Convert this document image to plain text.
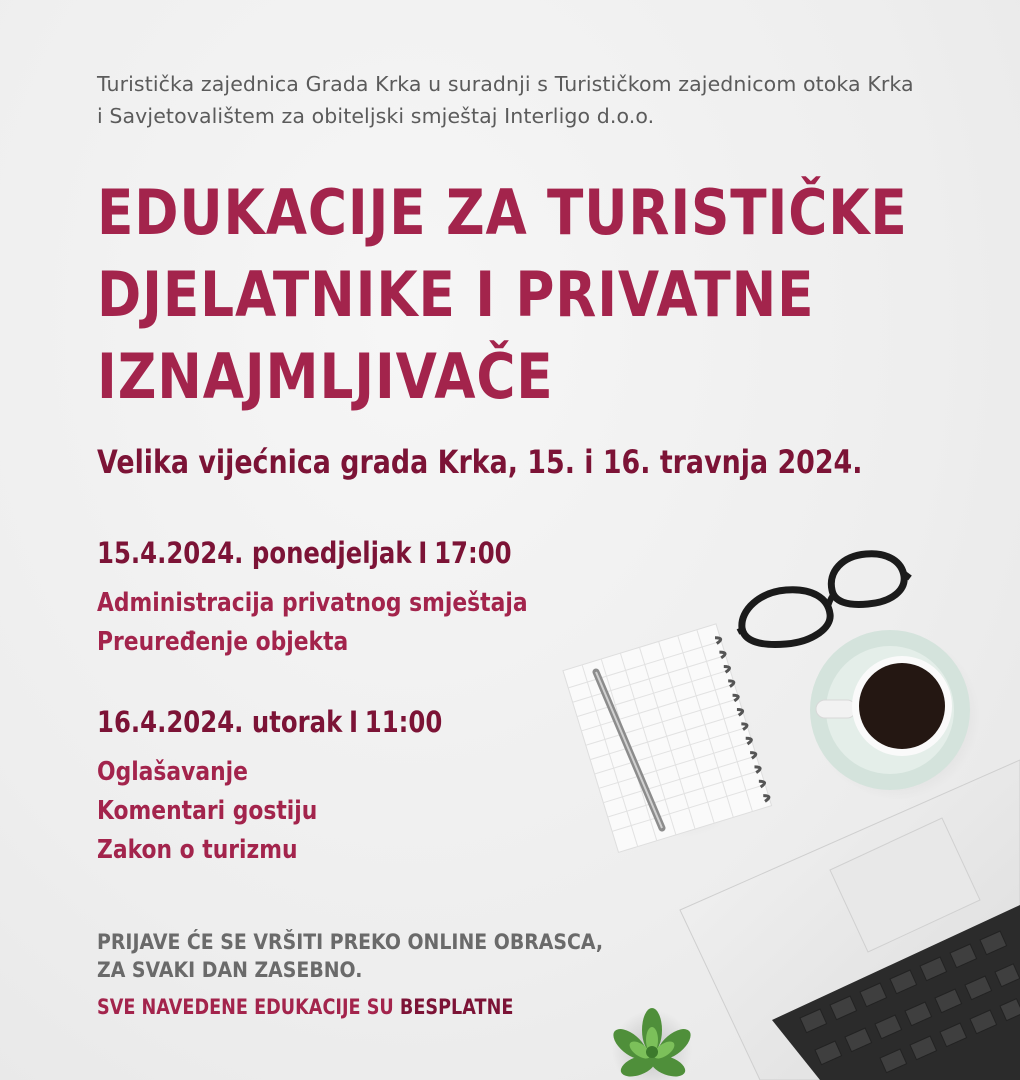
Turistička zajednica Grada Krka u suradnji s Turističkom zajednicom otoka Krka
i Savjetovalištem za obiteljski smještaj Interligo d.o.o.
EDUKACIJE ZA TURISTIČKE
DJELATNIKE I PRIVATNE
IZNAJMLJIVAČE
Velika vijećnica grada Krka, 15. i 16. travnja 2024.
15.4.2024. ponedjeljak I 17:00
Administracija privatnog smještaja
Preuređenje objekta
16.4.2024. utorak I 11:00
Oglašavanje
Komentari gostiju
Zakon o turizmu
PRIJAVE ĆE SE VRŠITI PREKO ONLINE OBRASCA,
ZA SVAKI DAN ZASEBNO.
SVE NAVEDENE EDUKACIJE SU BESPLATNE
